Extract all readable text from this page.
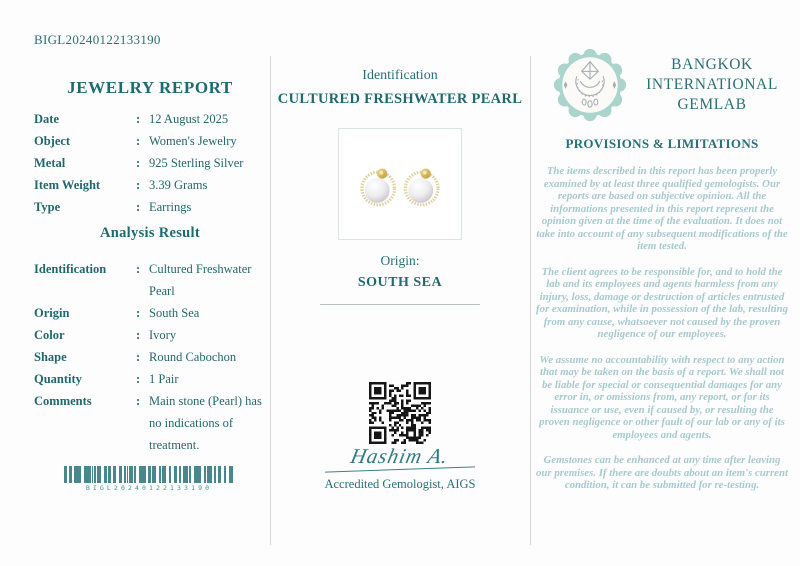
BIGL20240122133190
JEWELRY REPORT
Date	: 12 August 2025
Object	: Women's Jewelry
Metal	: 925 Sterling Silver
Item Weight	: 3.39 Grams
Type	: Earrings
Analysis Result
Identification	: Cultured Freshwater Pearl
Origin	: South Sea
Color	: Ivory
Shape	: Round Cabochon
Quantity	: 1 Pair
Comments	: Main stone (Pearl) has no indications of treatment.
BIGL20240122133190
Identification
CULTURED FRESHWATER PEARL
Origin:
SOUTH SEA
Hashim A.
Accredited Gemologist, AIGS
BANGKOK
INTERNATIONAL
GEMLAB
PROVISIONS & LIMITATIONS

The items described in this report has been properly examined by at least three qualified gemologists. Our reports are based on subjective opinion. All the informations presented in this report represent the opinion given at the time of the evaluation. It does not take into account of any subsequent modifications of the item tested.

The client agrees to be responsible for, and to hold the lab and its employees and agents harmless from any injury, loss, damage or destruction of articles entrusted for examination, while in possession of the lab, resulting from any cause, whatsoever not caused by the proven negligence of our employees.

We assume no accountability with respect to any action that may be taken on the basis of a report. We shall not be liable for special or consequential damages for any error in, or omissions from, any report, or for its issuance or use, even if caused by, or resulting the proven negligence or other fault of our lab or any of its employees and agents.

Gemstones can be enhanced at any time after leaving our premises. If there are doubts about an item's current condition, it can be submitted for re-testing.
